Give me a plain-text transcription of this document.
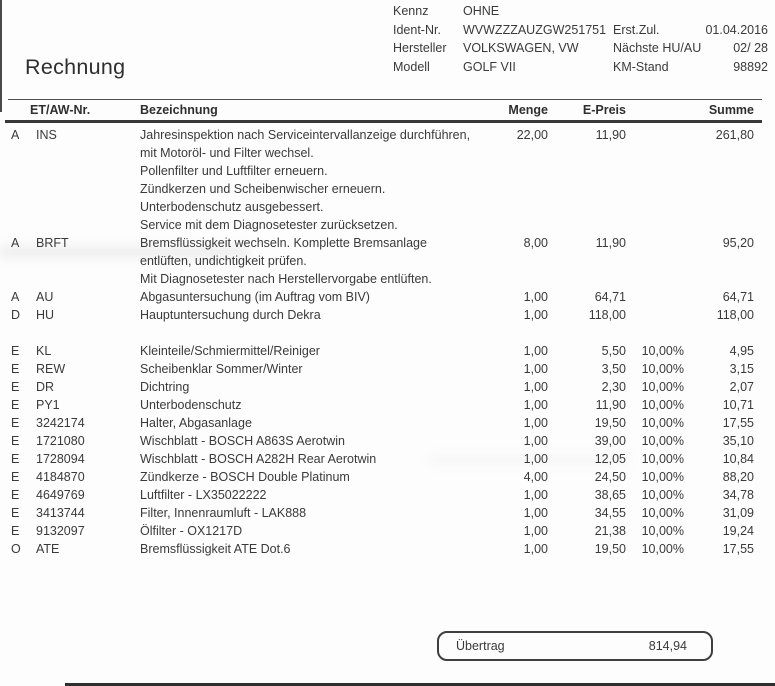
Kennz	OHNE
Ident-Nr.	WVWZZZAUZGW251751 Erst.Zul.	01.04.2016
Hersteller	VOLKSWAGEN, VW	Nächste HU/AU	02/ 28
Modell	GOLF VII	KM-Stand	98892
Rechnung
ET/AW-Nr.	Bezeichnung	Menge	E-Preis	Summe
A	INS	Jahresinspektion nach Serviceintervallanzeige durchführen,	22,00	11,90	261,80
mit Motoröl- und Filter wechsel.
Pollenfilter und Luftfilter erneuern.
Zündkerzen und Scheibenwischer erneuern.
Unterbodenschutz ausgebessert.
Service mit dem Diagnosetester zurücksetzen.
A	BRFT	Bremsflüssigkeit wechseln. Komplette Bremsanlage	8,00	11,90	95,20
entlüften, undichtigkeit prüfen.
Mit Diagnosetester nach Herstellervorgabe entlüften.
A	AU	Abgasuntersuchung (im Auftrag vom BIV)	1,00	64,71	64,71
D	HU	Hauptuntersuchung durch Dekra	1,00	118,00	118,00
E	KL	Kleinteile/Schmiermittel/Reiniger	1,00	5,50	10,00%	4,95
E	REW	Scheibenklar Sommer/Winter	1,00	3,50	10,00%	3,15
E	DR	Dichtring	1,00	2,30	10,00%	2,07
E	PY1	Unterbodenschutz	1,00	11,90	10,00%	10,71
E	3242174	Halter, Abgasanlage	1,00	19,50	10,00%	17,55
E	1721080	Wischblatt - BOSCH A863S Aerotwin	1,00	39,00	10,00%	35,10
E	1728094	Wischblatt - BOSCH A282H Rear Aerotwin	1,00	12,05	10,00%	10,84
E	4184870	Zündkerze - BOSCH Double Platinum	4,00	24,50	10,00%	88,20
E	4649769	Luftfilter - LX35022222	1,00	38,65	10,00%	34,78
E	3413744	Filter, Innenraumluft - LAK888	1,00	34,55	10,00%	31,09
E	9132097	Ölfilter - OX1217D	1,00	21,38	10,00%	19,24
O	ATE	Bremsflüssigkeit ATE Dot.6	1,00	19,50	10,00%	17,55
Übertrag	814,94
